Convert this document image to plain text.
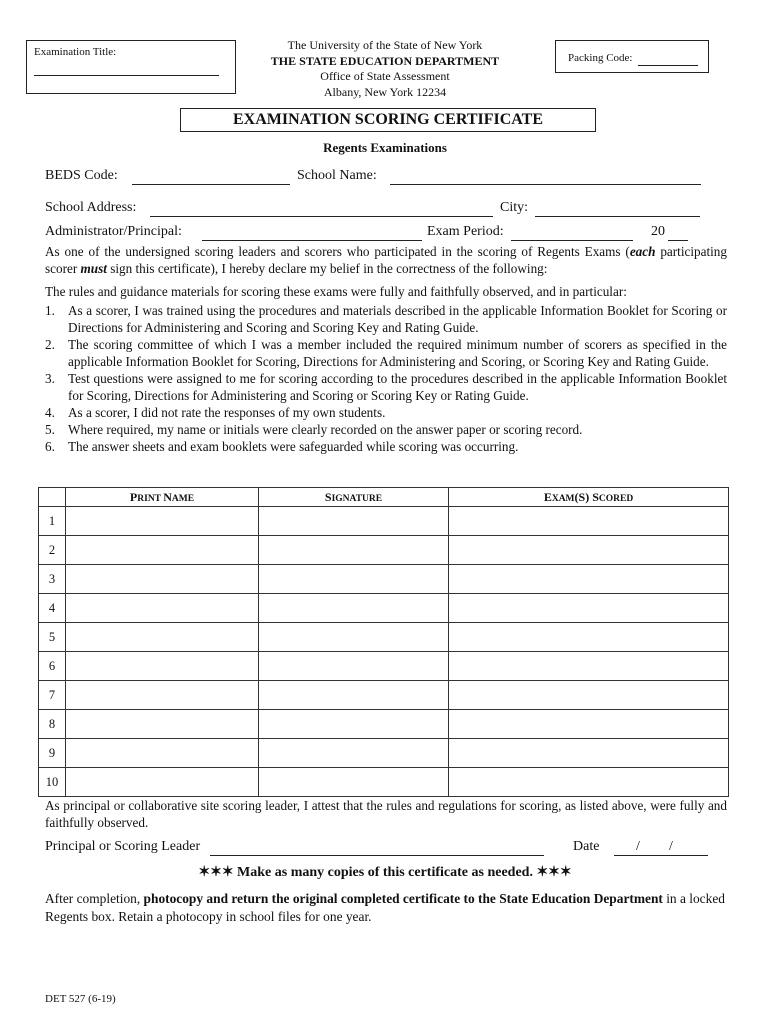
Examination Title:	The University of the State of New York
THE STATE EDUCATION DEPARTMENT
Office of State Assessment
Albany, New York 12234
Packing Code:
EXAMINATION SCORING CERTIFICATE
Regents Examinations
BEDS Code:	School Name:
School Address:	City:
Administrator/Principal:	Exam Period:	20
As one of the undersigned scoring leaders and scorers who participated in the scoring of Regents Exams (each participating scorer must sign this certificate), I hereby declare my belief in the correctness of the following:
The rules and guidance materials for scoring these exams were fully and faithfully observed, and in particular:
1. As a scorer, I was trained using the procedures and materials described in the applicable Information Booklet for Scoring or Directions for Administering and Scoring and Scoring Key and Rating Guide.
2. The scoring committee of which I was a member included the required minimum number of scorers as specified in the applicable Information Booklet for Scoring, Directions for Administering and Scoring, or Scoring Key and Rating Guide.
3. Test questions were assigned to me for scoring according to the procedures described in the applicable Information Booklet for Scoring, Directions for Administering and Scoring or Scoring Key or Rating Guide.
4. As a scorer, I did not rate the responses of my own students.
5. Where required, my name or initials were clearly recorded on the answer paper or scoring record.
6. The answer sheets and exam booklets were safeguarded while scoring was occurring.
	PRINT NAME	SIGNATURE	EXAM(S) SCORED
1			
2			
3			
4			
5			
6			
7			
8			
9			
10			
As principal or collaborative site scoring leader, I attest that the rules and regulations for scoring, as listed above, were fully and faithfully observed.
Principal or Scoring Leader	Date	/ /
✶✶✶ Make as many copies of this certificate as needed. ✶✶✶
After completion, photocopy and return the original completed certificate to the State Education Department in a locked Regents box. Retain a photocopy in school files for one year.
DET 527 (6-19)
